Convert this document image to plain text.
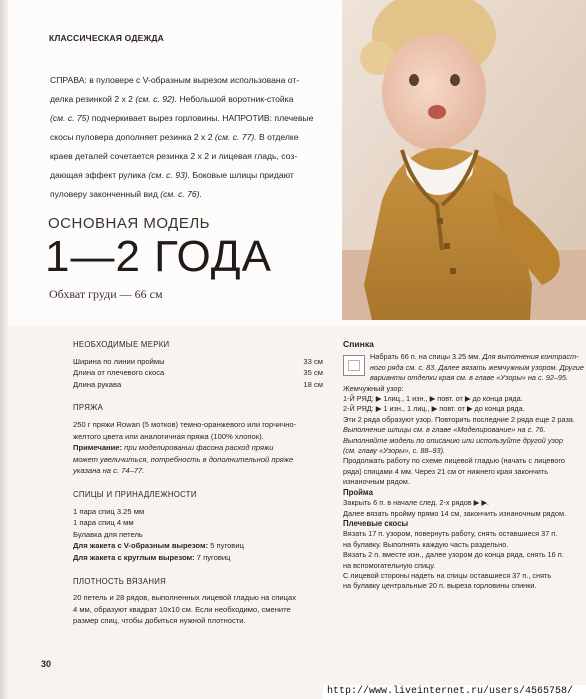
КЛАССИЧЕСКАЯ ОДЕЖДА
СПРАВА: в пуловере с V-образным вырезом использована от-
делка резинкой 2 х 2 (см. с. 92). Небольшой воротник-стойка
(см. с. 75) подчеркивает вырез горловины. НАПРОТИВ: плечевые
скосы пуловера дополняет резинка 2 х 2 (см. с. 77). В отделке
краев деталей сочетается резинка 2 х 2 и лицевая гладь, соз-
дающая эффект рулика (см. с. 93). Боковые шлицы придают
пуловеру законченный вид (см. с. 76).
ОСНОВНАЯ МОДЕЛЬ
1—2 ГОДА
Обхват груди — 66 см
НЕОБХОДИМЫЕ МЕРКИ
Ширина по линии проймы	33 см
Длина от плечевого скоса	35 см
Длина рукава	18 см
ПРЯЖА

250 г пряжи Rowan (5 мотков) темно-оранжевого или горчично-
желтого цвета или аналогичная пряжа (100% хлопок).

Примечание: при моделировании фасона расход пряжи
может увеличиться, потребность в дополнительной пряже
указана на с. 74–77.

СПИЦЫ И ПРИНАДЛЕЖНОСТИ

1 пара спиц 3.25 мм
1 пара спиц 4 мм
Булавка для петель
Для жакета с V-образным вырезом: 5 пуговиц
Для жакета с круглым вырезом: 7 пуговиц

ПЛОТНОСТЬ ВЯЗАНИЯ

20 петель и 28 рядов, выполненных лицевой гладью на спицах
4 мм, образуют квадрат 10х10 см. Если необходимо, смените
размер спиц, чтобы добиться нужной плотности.

Спинка
Набрать 66 п. на спицы 3.25 мм. Для выполнения контраст-
ного ряда см. с. 83. Далее вязать жемчужным узором. Другие
варианты отделки края см. в главе «Узоры» на с. 92–95.
Жемчужный узор:
1-Й РЯД: ▶ 1лиц., 1 изн., ▶ повт. от ▶ до конца ряда.
2-Й РЯД: ▶ 1 изн., 1 лиц., ▶ повт. от ▶ до конца ряда.
Эти 2 ряда образуют узор. Повторить последние 2 ряда еще 2 раза.
Выполнение шлицы см. в главе «Моделирование» на с. 76.
Выполняйте модель по описанию или используйте другой узор
(см. главу «Узоры», с. 88–93).
Продолжать работу по схеме лицевой гладью (начать с лицевого
ряда) спицами 4 мм. Через 21 см от нижнего края закончить
изнаночным рядом.
Пройма
Закрыть 6 п. в начале след. 2-х рядов ▶ ▶.
Далее вязать пройму прямо 14 см, закончить изнаночным рядом.
Плечевые скосы
Вязать 17 п. узором, повернуть работу, снять оставшиеся 37 п.
на булавку. Выполнять каждую часть раздельно.
Вязать 2 п. вместе изн., далее узором до конца ряда, снять 16 п.
на вспомогательную спицу.
С лицевой стороны надеть на спицы оставшиеся 37 п., снять
на булавку центральные 20 п. выреза горловины спинки.
30
http://www.liveinternet.ru/users/4565758/
